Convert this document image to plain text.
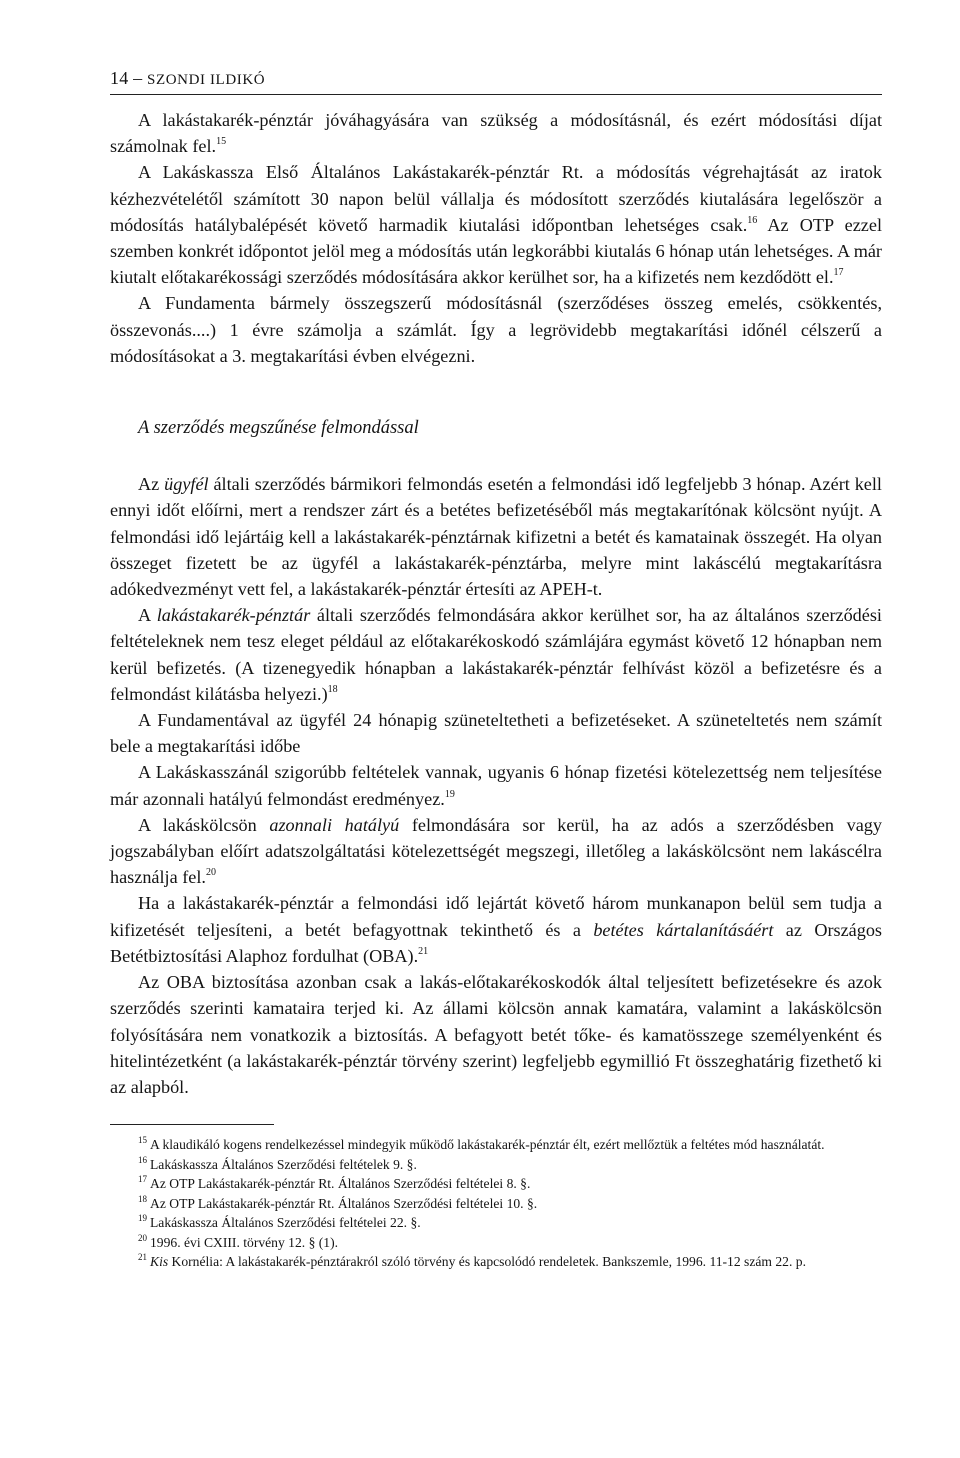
14 – SZONDI ILDIKÓ

A lakástakarék-pénztár jóváhagyására van szükség a módosításnál, és ezért módosítási díjat számolnak fel.$^{15}$

A Lakáskassza Első Általános Lakástakarék-pénztár Rt. a módosítás végrehajtását az iratok kézhezvételétől számított 30 napon belül vállalja és módosított szerződés kiutalására legelőször a módosítás hatálybalépését követő harmadik kiutalási időpontban lehetséges csak.$^{16}$ Az OTP ezzel szemben konkrét időpontot jelöl meg a módosítás után legkorábbi kiutalás 6 hónap után lehetséges. A már kiutalt előtakarékossági szerződés módosítására akkor kerülhet sor, ha a kifizetés nem kezdődött el.$^{17}$

A Fundamenta bármely összegszerű módosításnál (szerződéses összeg emelés, csökkentés, összevonás....) 1 évre számolja a számlát. Így a legrövidebb megtakarítási időnél célszerű a módosításokat a 3. megtakarítási évben elvégezni.

A szerződés megszűnése felmondással

Az ügyfél általi szerződés bármikori felmondás esetén a felmondási idő legfeljebb 3 hónap. Azért kell ennyi időt előírni, mert a rendszer zárt és a betétes befizetéséből más megtakarítónak kölcsönt nyújt. A felmondási idő lejártáig kell a lakástakarék-pénztárnak kifizetni a betét és kamatainak összegét. Ha olyan összeget fizetett be az ügyfél a lakástakarék-pénztárba, melyre mint lakáscélú megtakarításra adókedvezményt vett fel, a lakástakarék-pénztár értesíti az APEH-t.

A lakástakarék-pénztár általi szerződés felmondására akkor kerülhet sor, ha az általános szerződési feltételeknek nem tesz eleget például az előtakarékoskodó számlájára egymást követő 12 hónapban nem kerül befizetés. (A tizenegyedik hónapban a lakástakarék-pénztár felhívást közöl a befizetésre és a felmondást kilátásba helyezi.)$^{18}$

A Fundamentával az ügyfél 24 hónapig szüneteltetheti a befizetéseket. A szüneteltetés nem számít bele a megtakarítási időbe

A Lakáskasszánál szigorúbb feltételek vannak, ugyanis 6 hónap fizetési kötelezettség nem teljesítése már azonnali hatályú felmondást eredményez.$^{19}$

A lakáskölcsön azonnali hatályú felmondására sor kerül, ha az adós a szerződésben vagy jogszabályban előírt adatszolgáltatási kötelezettségét megszegi, illetőleg a lakáskölcsönt nem lakáscélra használja fel.$^{20}$

Ha a lakástakarék-pénztár a felmondási idő lejártát követő három munkanapon belül sem tudja a kifizetését teljesíteni, a betét befagyottnak tekinthető és a betétes kártalanításáért az Országos Betétbiztosítási Alaphoz fordulhat (OBA).$^{21}$

Az OBA biztosítása azonban csak a lakás-előtakarékoskodók által teljesített befizetésekre és azok szerződés szerinti kamataira terjed ki. Az állami kölcsön annak kamatára, valamint a lakáskölcsön folyósítására nem vonatkozik a biztosítás. A befagyott betét tőke- és kamatösszege személyenként és hitelintézetként (a lakástakarék-pénztár törvény szerint) legfeljebb egymillió Ft összeghatárig fizethető ki az alapból.

$^{15}$ A klaudikáló kogens rendelkezéssel mindegyik működő lakástakarék-pénztár élt, ezért mellőztük a feltétes mód használatát.

$^{16}$ Lakáskassza Általános Szerződési feltételek 9. §.

$^{17}$ Az OTP Lakástakarék-pénztár Rt. Általános Szerződési feltételei 8. §.

$^{18}$ Az OTP Lakástakarék-pénztár Rt. Általános Szerződési feltételei 10. §.

$^{19}$ Lakáskassza Általános Szerződési feltételei 22. §.

$^{20}$ 1996. évi CXIII. törvény 12. § (1).

$^{21}$ Kis Kornélia: A lakástakarék-pénztárakról szóló törvény és kapcsolódó rendeletek. Bankszemle, 1996. 11-12 szám 22. p.
